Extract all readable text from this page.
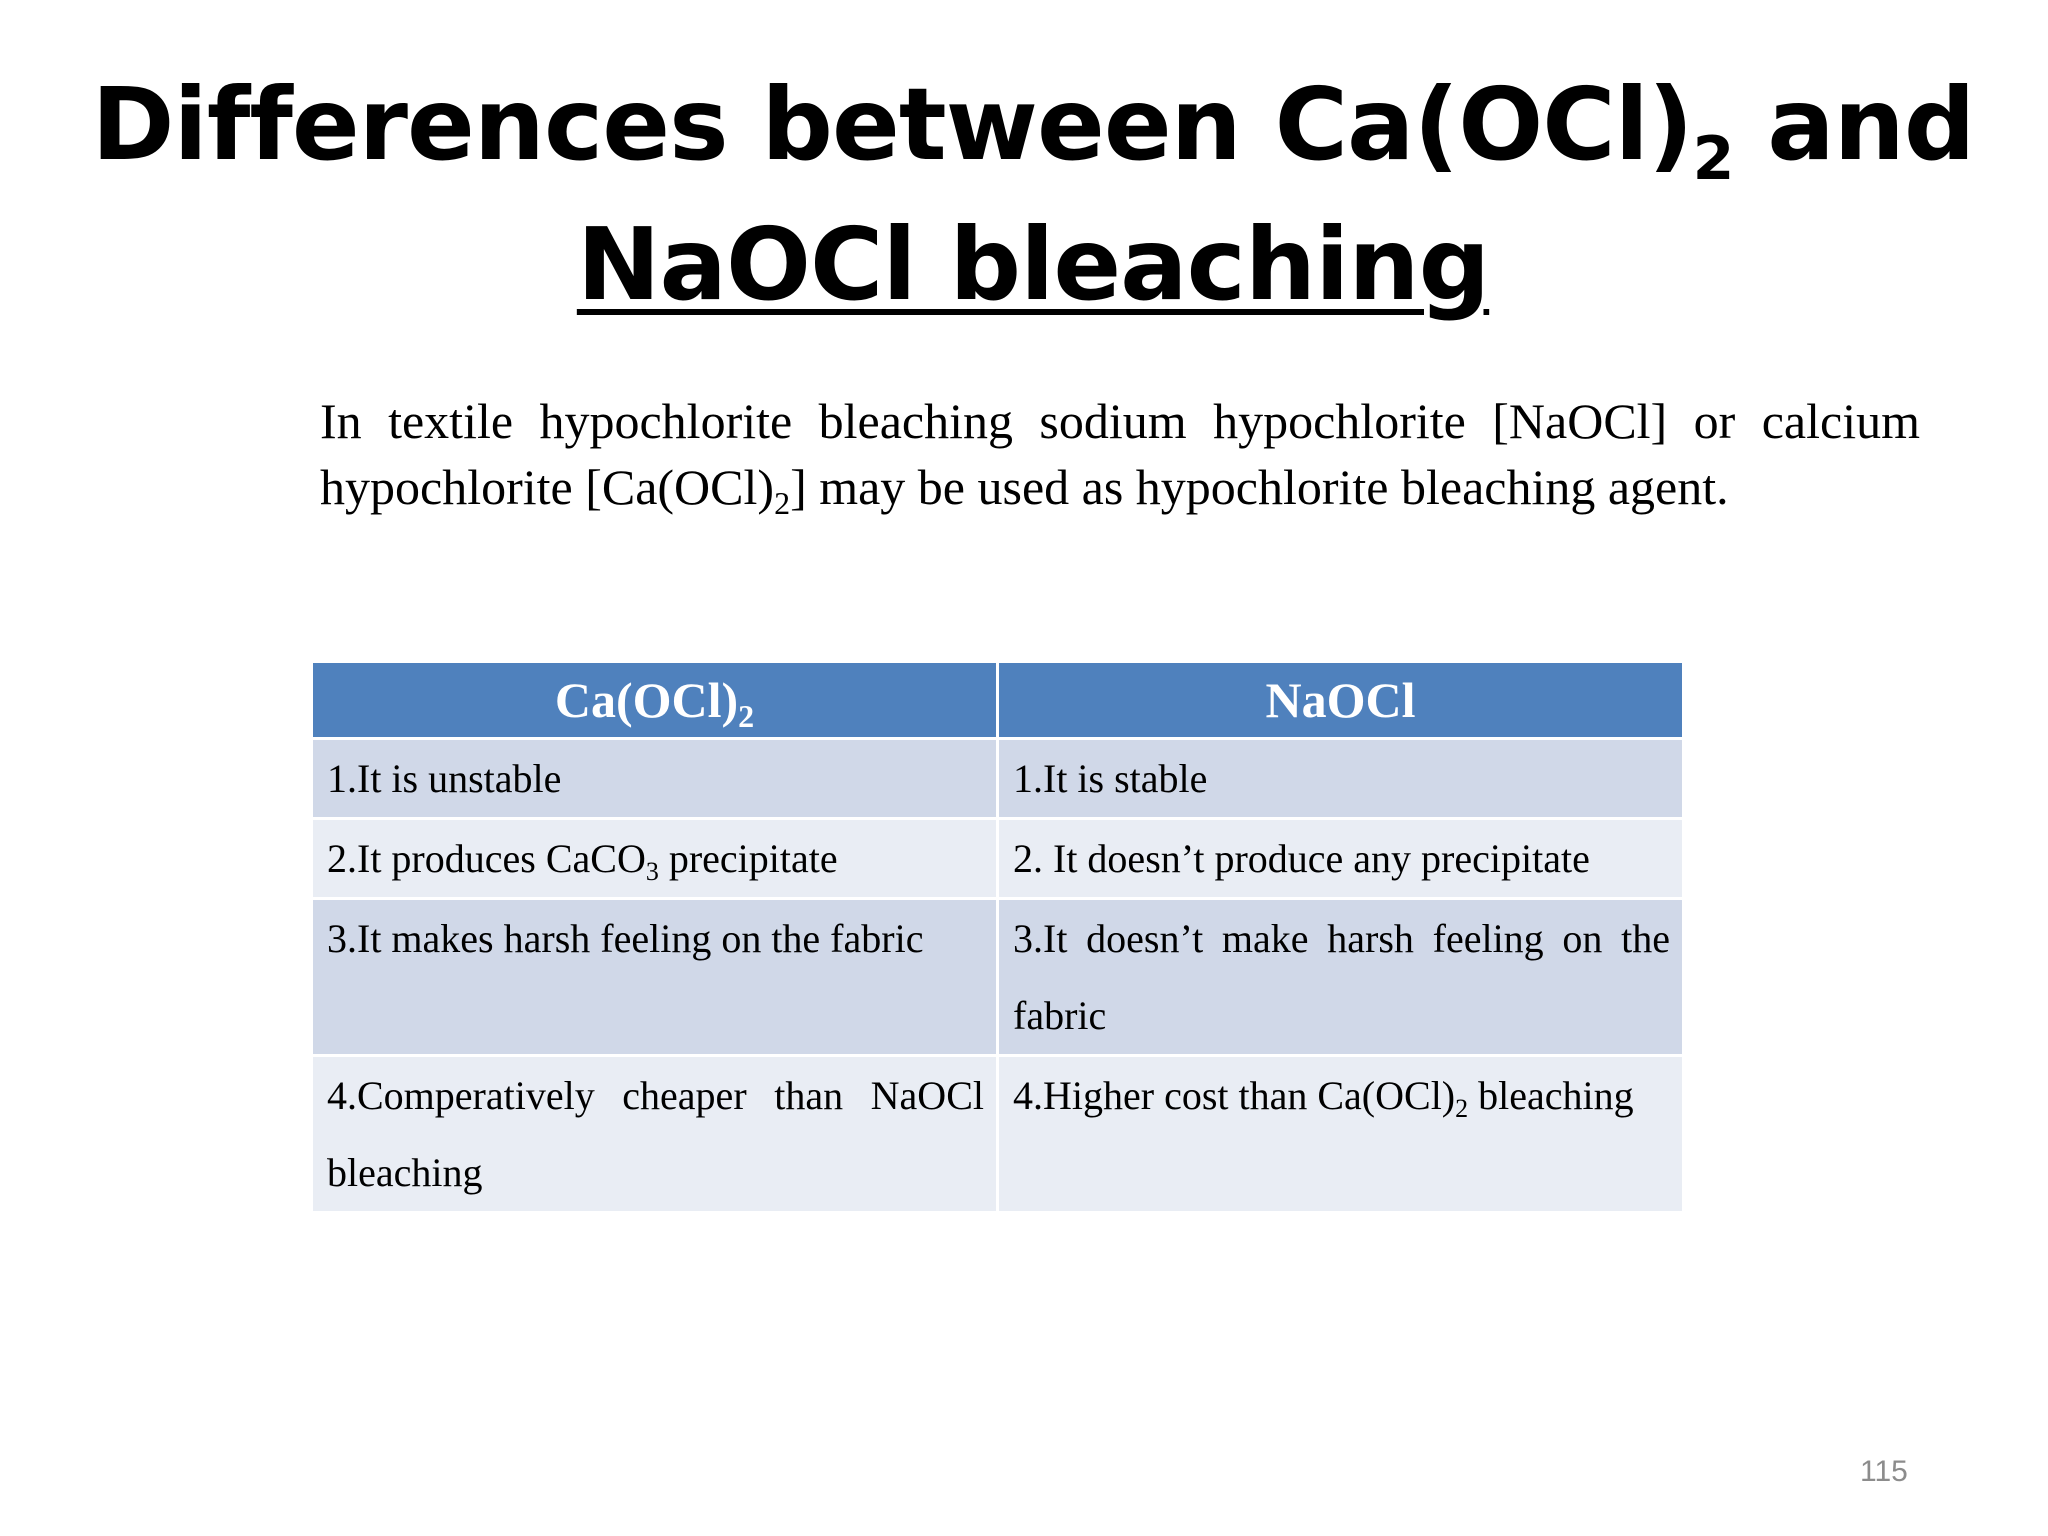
Differences between $Ca(OCl)_2$ and
NaOCl bleaching

In textile hypochlorite bleaching sodium hypochlorite [NaOCl] or calcium hypochlorite $[Ca(OCl)_2]$ may be used as hypochlorite bleaching agent.

$Ca(OCl)_2$	NaOCl
1.It is unstable	1.It is stable
2.It produces CaCO$_3$ precipitate	2. It doesn’t produce any precipitate
3.It makes harsh feeling on the fabric	3.It doesn’t make harsh feeling on the fabric
4.Comperatively cheaper than NaOCl bleaching	4.Higher cost than $Ca(OCl)_2$ bleaching
115
